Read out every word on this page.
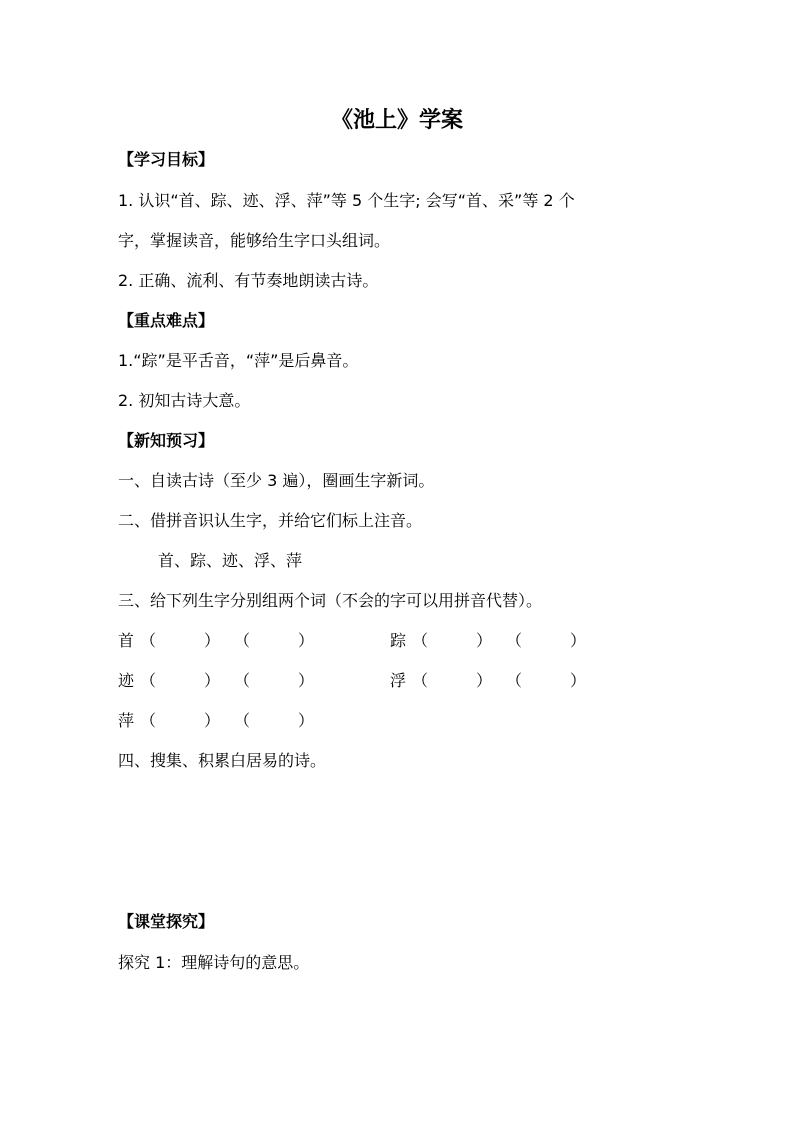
《池上》学案
【学习目标】
1. 认识“首、踪、迹、浮、萍”等 5 个生字; 会写“首、采”等 2 个
字，掌握读音，能够给生字口头组词。
2. 正确、流利、有节奏地朗读古诗。
【重点难点】
1.“踪”是平舌音，“萍”是后鼻音。
2. 初知古诗大意。
【新知预习】
一、自读古诗（至少 3 遍），圈画生字新词。
二、借拼音识认生字，并给它们标上注音。
首、踪、迹、浮、萍
三、给下列生字分别组两个词（不会的字可以用拼音代替）。
首 （　　　） （　　　）	踪 （　　　） （　　　）
迹 （　　　） （　　　）	浮 （　　　） （　　　）
萍 （　　　） （　　　）
四、搜集、积累白居易的诗。
【课堂探究】
探究 1：理解诗句的意思。
